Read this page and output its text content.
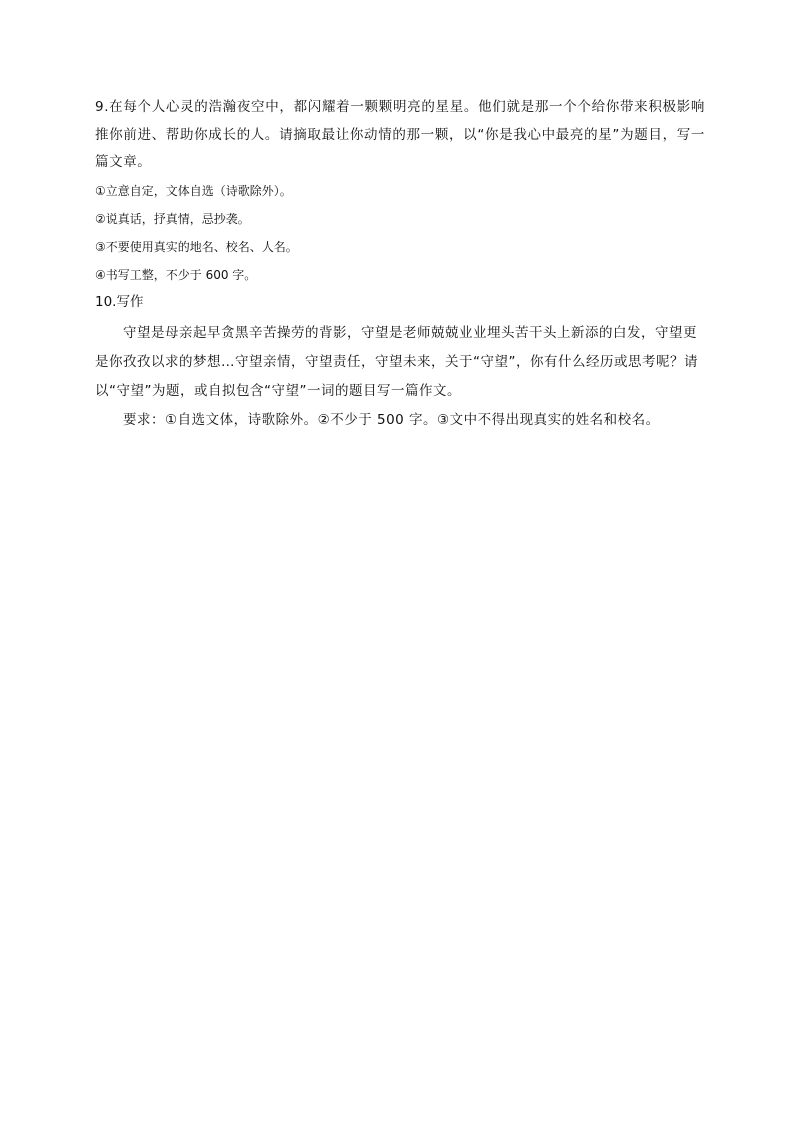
9.在每个人心灵的浩瀚夜空中，都闪耀着一颗颗明亮的星星。他们就是那一个个给你带来积极影响推你前进、帮助你成长的人。请摘取最让你动情的那一颗，以“你是我心中最亮的星”为题目，写一篇文章。
①立意自定，文体自选（诗歌除外）。
②说真话，抒真情，忌抄袭。
③不要使用真实的地名、校名、人名。
④书写工整，不少于 600 字。
10.写作
守望是母亲起早贪黑辛苦操劳的背影，守望是老师兢兢业业埋头苦干头上新添的白发，守望更是你孜孜以求的梦想…守望亲情，守望责任，守望未来，关于“守望”，你有什么经历或思考呢？请以“守望”为题，或自拟包含“守望”一词的题目写一篇作文。
要求：①自选文体，诗歌除外。②不少于 500 字。③文中不得出现真实的姓名和校名。
